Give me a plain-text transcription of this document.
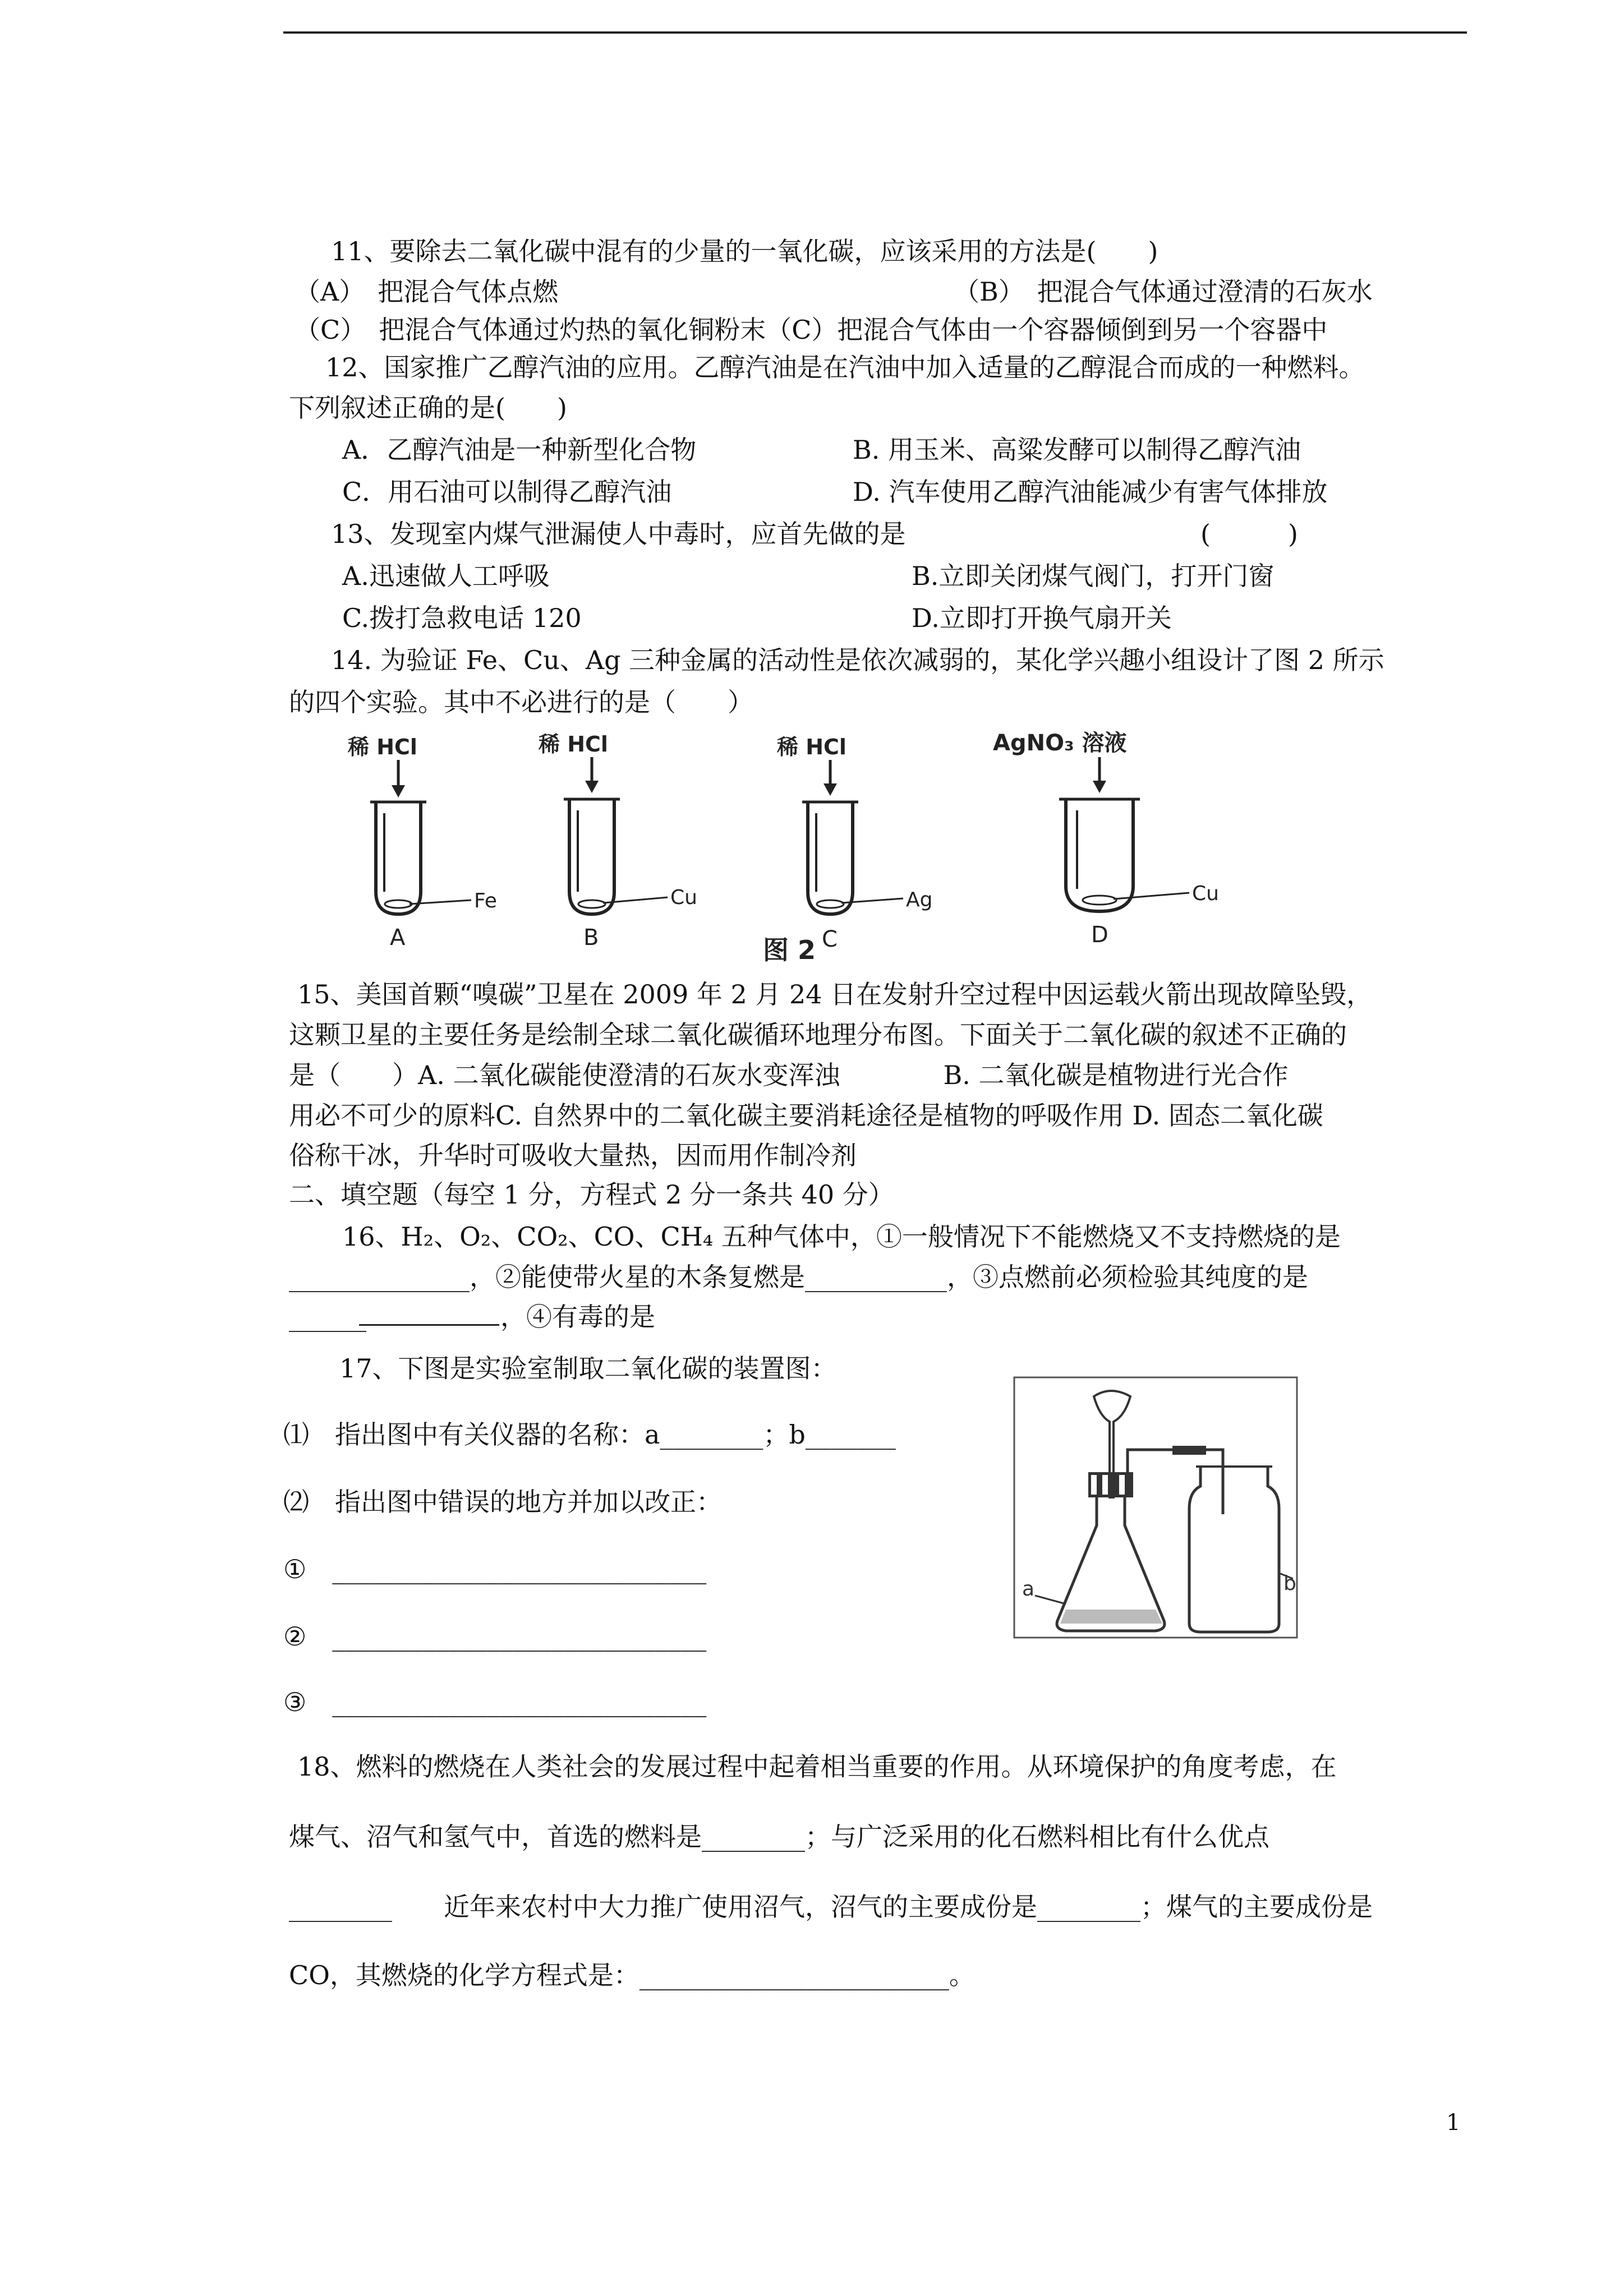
11、要除去二氧化碳中混有的少量的一氧化碳，应该采用的方法是(　　)
（A）　把混合气体点燃	（B）　把混合气体通过澄清的石灰水
（C）　把混合气体通过灼热的氧化铜粉末（C）把混合气体由一个容器倾倒到另一个容器中
12、国家推广乙醇汽油的应用。乙醇汽油是在汽油中加入适量的乙醇混合而成的一种燃料。
下列叙述正确的是(　　)
A．乙醇汽油是一种新型化合物	B. 用玉米、高粱发酵可以制得乙醇汽油
C．用石油可以制得乙醇汽油	D. 汽车使用乙醇汽油能减少有害气体排放
13、发现室内煤气泄漏使人中毒时，应首先做的是	(　　　)
A.迅速做人工呼吸	B.立即关闭煤气阀门，打开门窗
C.拨打急救电话 120	D.立即打开换气扇开关
14. 为验证 Fe、Cu、Ag 三种金属的活动性是依次减弱的，某化学兴趣小组设计了图 2 所示
的四个实验。其中不必进行的是（　　）
稀 HCl
Fe
A
稀 HCl
Cu
B
稀 HCl
Ag
C
AgNO₃ 溶液
Cu
D
图 2
15、美国首颗“嗅碳”卫星在 2009 年 2 月 24 日在发射升空过程中因运载火箭出现故障坠毁，
这颗卫星的主要任务是绘制全球二氧化碳循环地理分布图。下面关于二氧化碳的叙述不正确的
是（　　）A. 二氧化碳能使澄清的石灰水变浑浊　　　　B. 二氧化碳是植物进行光合作
用必不可少的原料C. 自然界中的二氧化碳主要消耗途径是植物的呼吸作用 D. 固态二氧化碳
俗称干冰，升华时可吸收大量热，因而用作制冷剂
二、填空题（每空 1 分，方程式 2 分一条共 40 分）
16、H₂、O₂、CO₂、CO、CH₄ 五种气体中，①一般情况下不能燃烧又不支持燃烧的是
______________，②能使带火星的木条复燃是___________，③点燃前必须检验其纯度的是
______	，④有毒的是
17、下图是实验室制取二氧化碳的装置图：
⑴　指出图中有关仪器的名称：a________；b_______
⑵　指出图中错误的地方并加以改正：
①　_____________________________
②　_____________________________
③　_____________________________
a	b
18、燃料的燃烧在人类社会的发展过程中起着相当重要的作用。从环境保护的角度考虑，在
煤气、沼气和氢气中，首选的燃料是________；与广泛采用的化石燃料相比有什么优点
________　　近年来农村中大力推广使用沼气，沼气的主要成份是________；煤气的主要成份是
CO，其燃烧的化学方程式是：________________________。
1
